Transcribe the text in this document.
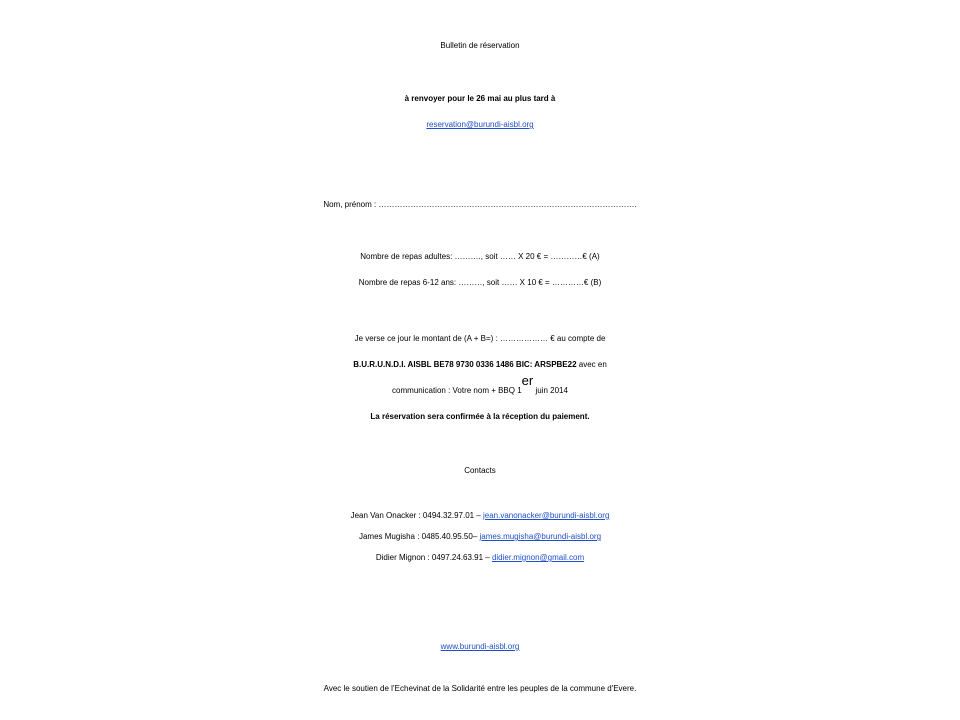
Bulletin de réservation
à renvoyer pour le 26 mai au plus tard à
reservation@burundi-aisbl.org
Nom, prénom : …………………………………………………………………………………….
Nombre de repas adultes: ………., soit …… X 20 € = …………€ (A)
Nombre de repas 6-12 ans: ………, soit …… X 10 € = …………€ (B)
Je verse ce jour le montant de (A + B=) : ……………… € au compte de
B.U.R.U.N.D.I. AISBL BE78 9730 0336 1486 BIC: ARSPBE22 avec en
communication : Votre nom + BBQ 1er juin 2014
La réservation sera confirmée à la réception du paiement.
Contacts
Jean Van Onacker : 0494.32.97.01 – jean.vanonacker@burundi-aisbl.org
James Mugisha : 0485.40.95.50– james.mugisha@burundi-aisbl.org
Didier Mignon : 0497.24.63.91 – didier.mignon@gmail.com
www.burundi-aisbl.org
Avec le soutien de l’Echevinat de la Solidarité entre les peuples de la commune d'Evere.
